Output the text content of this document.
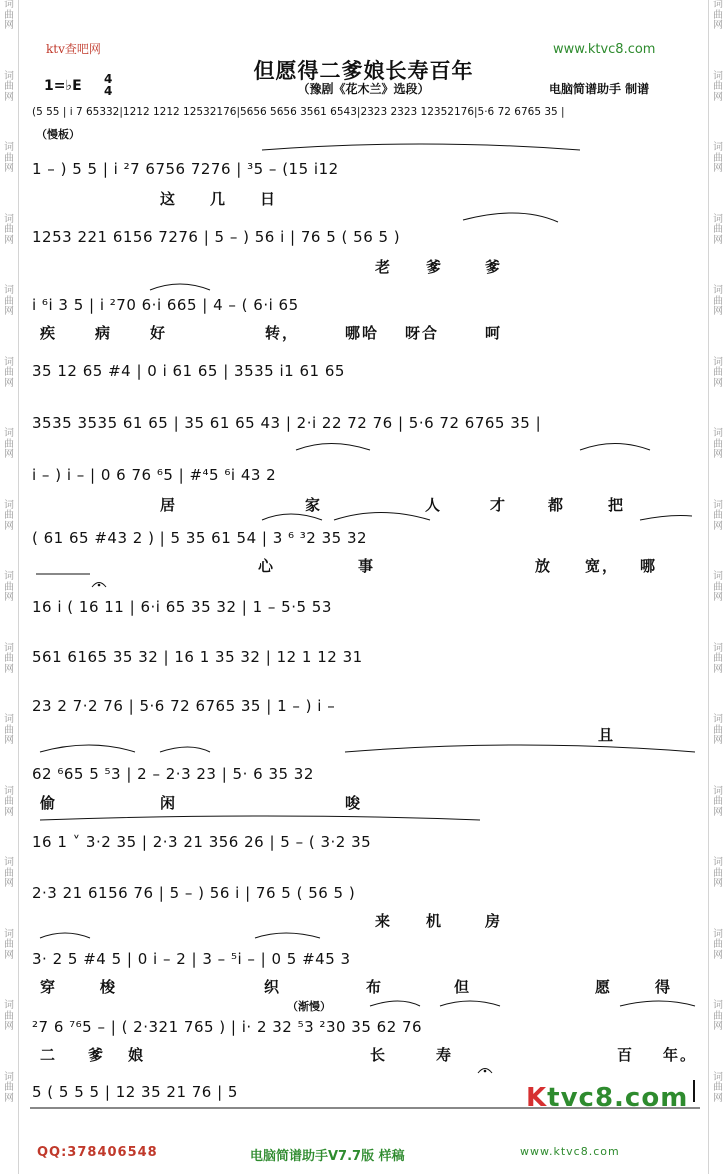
词
曲
网
词
曲
网
词
曲
网
词
曲
网
词
曲
网
词
曲
网
词
曲
网
词
曲
网
词
曲
网
词
曲
网
词
曲
网
词
曲
网
词
曲
网
词
曲
网
词
曲
网
词
曲
网
词
曲
网
词
曲
网
词
曲
网
词
曲
网
词
曲
网
词
曲
网
词
曲
网
词
曲
网
词
曲
网
词
曲
网
词
曲
网
词
曲
网
词
曲
网
词
曲
网
词
曲
网
词
曲
网
ktv查吧网	www.ktvc8.com
但愿得二爹娘长寿百年
（豫剧《花木兰》选段）
1=♭E 4
4	电脑简谱助手 制谱
（慢板）
（渐慢）
(5 55 | i 7 65332|1212 1212 12532176|5656 5656 3561 6543|2323 2323 12352176|5·6 72 6765 35 |
1 – ) 5 5 | i ²7 6756 7276 | ³5 – (15 i12
1253 221 6156 7276 | 5 – ) 56 i | 76 5 ( 56 5 )
i ⁶i 3 5 | i ²70 6·i 665 | 4 – ( 6·i 65
35 12 65 #4 | 0 i 61 65 | 3535 i1 61 65
3535 3535 61 65 | 35 61 65 43 | 2·i 22 72 76 | 5·6 72 6765 35 |
i – ) i – | 0 6 76 ⁶5 | #⁴5 ⁶i 43 2
( 61 65 #43 2 ) | 5 35 61 54 | 3 ⁶ ³2 35 32
16 i ( 16 11 | 6·i 65 35 32 | 1 – 5·5 53
561 6165 35 32 | 16 1 35 32 | 12 1 12 31
23 2 7·2 76 | 5·6 72 6765 35 | 1 – ) i –
62 ⁶65 5 ⁵3 | 2 – 2·3 23 | 5· 6 35 32
16 1 ˅ 3·2 35 | 2·3 21 356 26 | 5 – ( 3·2 35
2·3 21 6156 76 | 5 – ) 56 i | 76 5 ( 56 5 )
3· 2 5 #4 5 | 0 i – 2 | 3 – ⁵i – | 0 5 #45 3
²7 6 ⁷⁶5 – | ( 2·321 765 ) | i· 2 32 ⁵3 ²30 35 62 76
5 ( 5 5 5 | 12 35 21 76 | 5
这 几 日
老 爹	爹
疾	病	好	转，	哪哈 呀合	呵
居	家	人	才	都	把
心	事	放 宽， 哪
且
偷	闲	唆
来 机	房
穿	梭	织	布	但	愿	得
二 爹 娘	长	寿	百 年。
Ktvc8.com
QQ:378406548	电脑简谱助手V7.7版 样稿	www.ktvc8.com
